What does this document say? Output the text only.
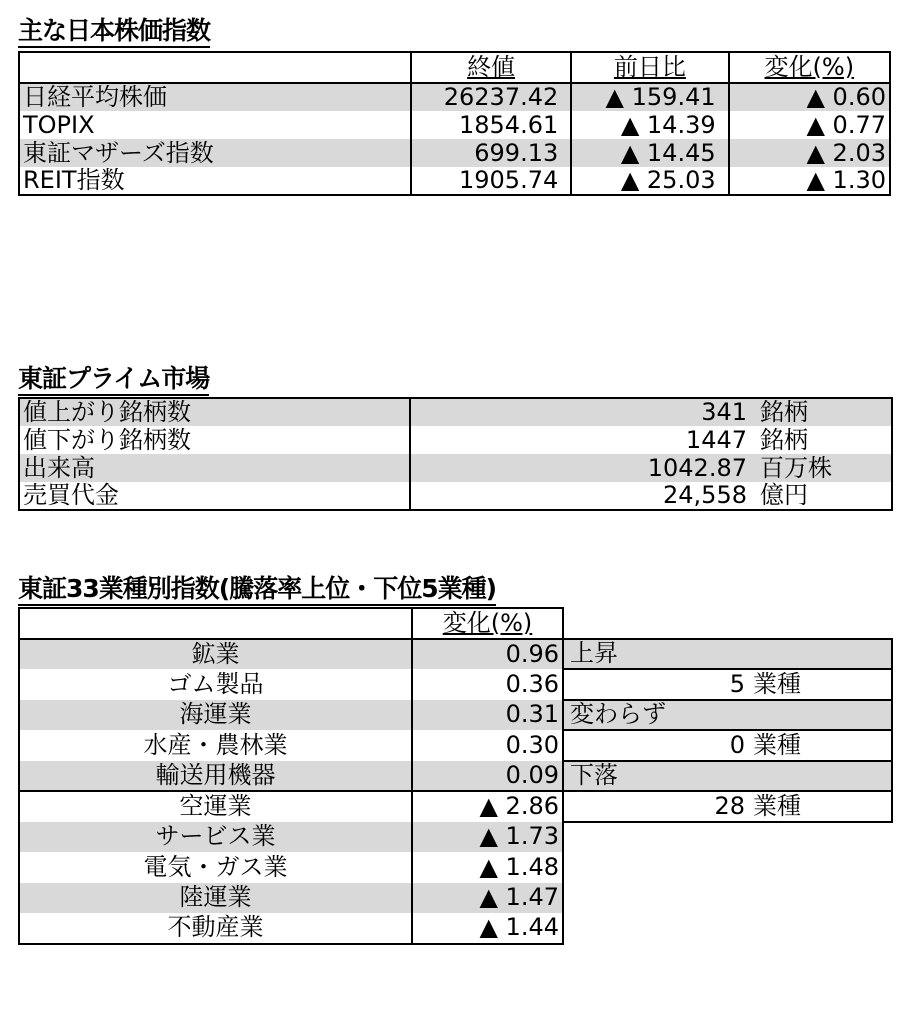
主な日本株価指数
	終値	前日比	変化(%)
日経平均株価	26237.42	▲ 159.41	▲ 0.60
TOPIX	1854.61	▲ 14.39	▲ 0.77
東証マザーズ指数	699.13	▲ 14.45	▲ 2.03
REIT指数	1905.74	▲ 25.03	▲ 1.30
東証プライム市場
値上がり銘柄数	341	銘柄
値下がり銘柄数	1447	銘柄
出来高	1042.87	百万株
売買代金	24,558	億円
東証33業種別指数(騰落率上位・下位5業種)
	変化(%)	
鉱業	0.96	上昇
ゴム製品	0.36	5 業種
海運業	0.31	変わらず
水産・農林業	0.30	0 業種
輸送用機器	0.09	下落
空運業	▲ 2.86	28 業種
サービス業	▲ 1.73	
電気・ガス業	▲ 1.48	
陸運業	▲ 1.47	
不動産業	▲ 1.44	
